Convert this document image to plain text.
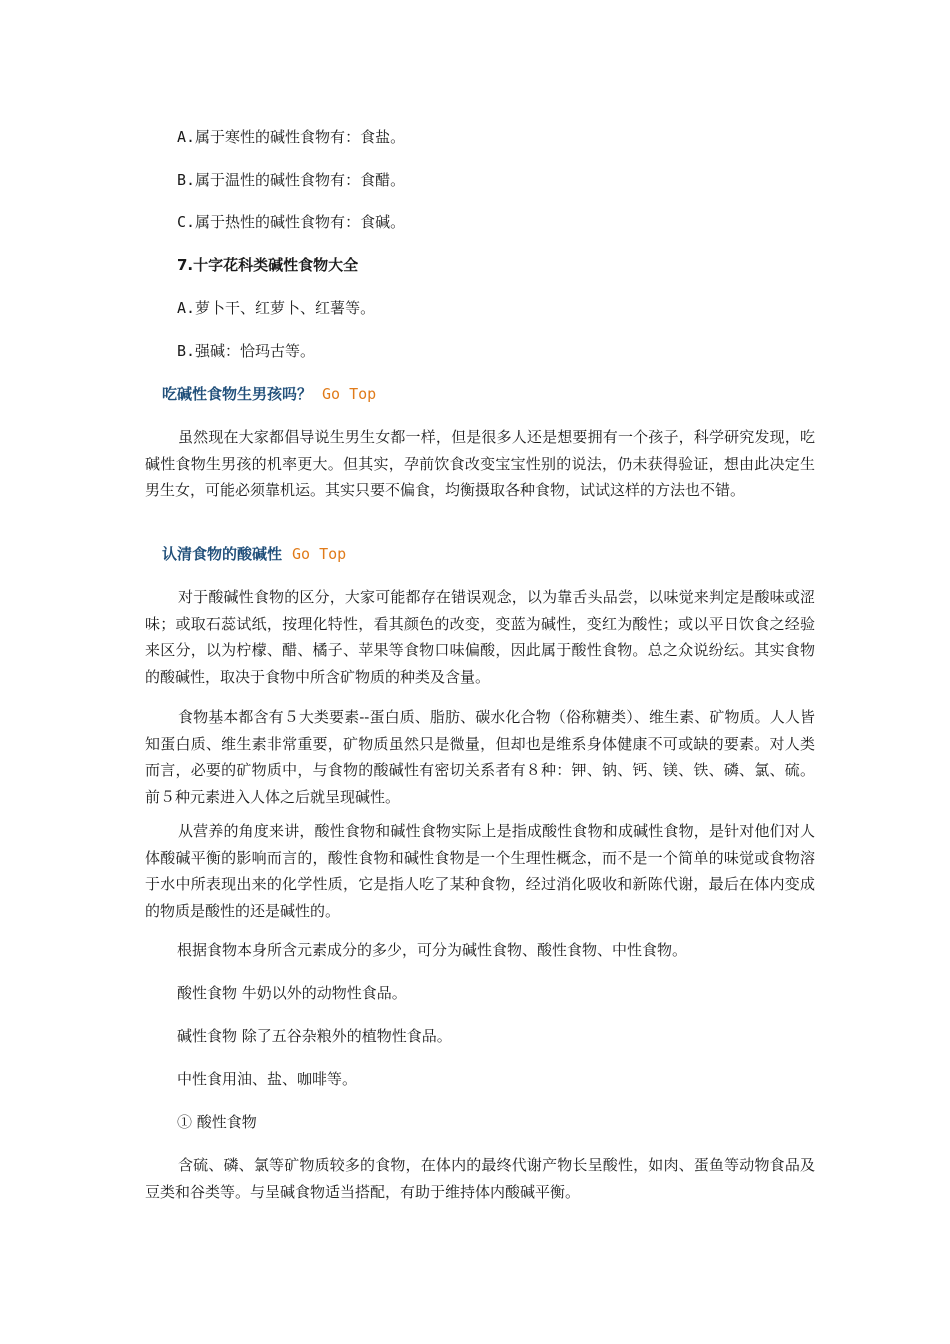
A.属于寒性的碱性食物有：食盐。
B.属于温性的碱性食物有：食醋。
C.属于热性的碱性食物有：食碱。
7.十字花科类碱性食物大全
A.萝卜干、红萝卜、红薯等。
B.强碱：恰玛古等。
吃碱性食物生男孩吗？ Go Top

虽然现在大家都倡导说生男生女都一样，但是很多人还是想要拥有一个孩子，科学研究发现，吃碱性食物生男孩的机率更大。但其实，孕前饮食改变宝宝性别的说法，仍未获得验证，想由此决定生男生女，可能必须靠机运。其实只要不偏食，均衡摄取各种食物，试试这样的方法也不错。

认清食物的酸碱性 Go Top

对于酸碱性食物的区分，大家可能都存在错误观念，以为靠舌头品尝，以味觉来判定是酸味或涩味；或取石蕊试纸，按理化特性，看其颜色的改变，变蓝为碱性，变红为酸性；或以平日饮食之经验来区分，以为柠檬、醋、橘子、苹果等食物口味偏酸，因此属于酸性食物。总之众说纷纭。其实食物的酸碱性，取决于食物中所含矿物质的种类及含量。

食物基本都含有５大类要素--蛋白质、脂肪、碳水化合物（俗称糖类）、维生素、矿物质。人人皆知蛋白质、维生素非常重要，矿物质虽然只是微量，但却也是维系身体健康不可或缺的要素。对人类而言，必要的矿物质中，与食物的酸碱性有密切关系者有８种：钾、钠、钙、镁、铁、磷、氯、硫。前５种元素进入人体之后就呈现碱性。

从营养的角度来讲，酸性食物和碱性食物实际上是指成酸性食物和成碱性食物，是针对他们对人体酸碱平衡的影响而言的，酸性食物和碱性食物是一个生理性概念，而不是一个简单的味觉或食物溶于水中所表现出来的化学性质，它是指人吃了某种食物，经过消化吸收和新陈代谢，最后在体内变成的物质是酸性的还是碱性的。

根据食物本身所含元素成分的多少，可分为碱性食物、酸性食物、中性食物。
酸性食物 牛奶以外的动物性食品。
碱性食物 除了五谷杂粮外的植物性食品。
中性食用油、盐、咖啡等。
① 酸性食物

含硫、磷、氯等矿物质较多的食物，在体内的最终代谢产物长呈酸性，如肉、蛋鱼等动物食品及豆类和谷类等。与呈碱食物适当搭配，有助于维持体内酸碱平衡。
